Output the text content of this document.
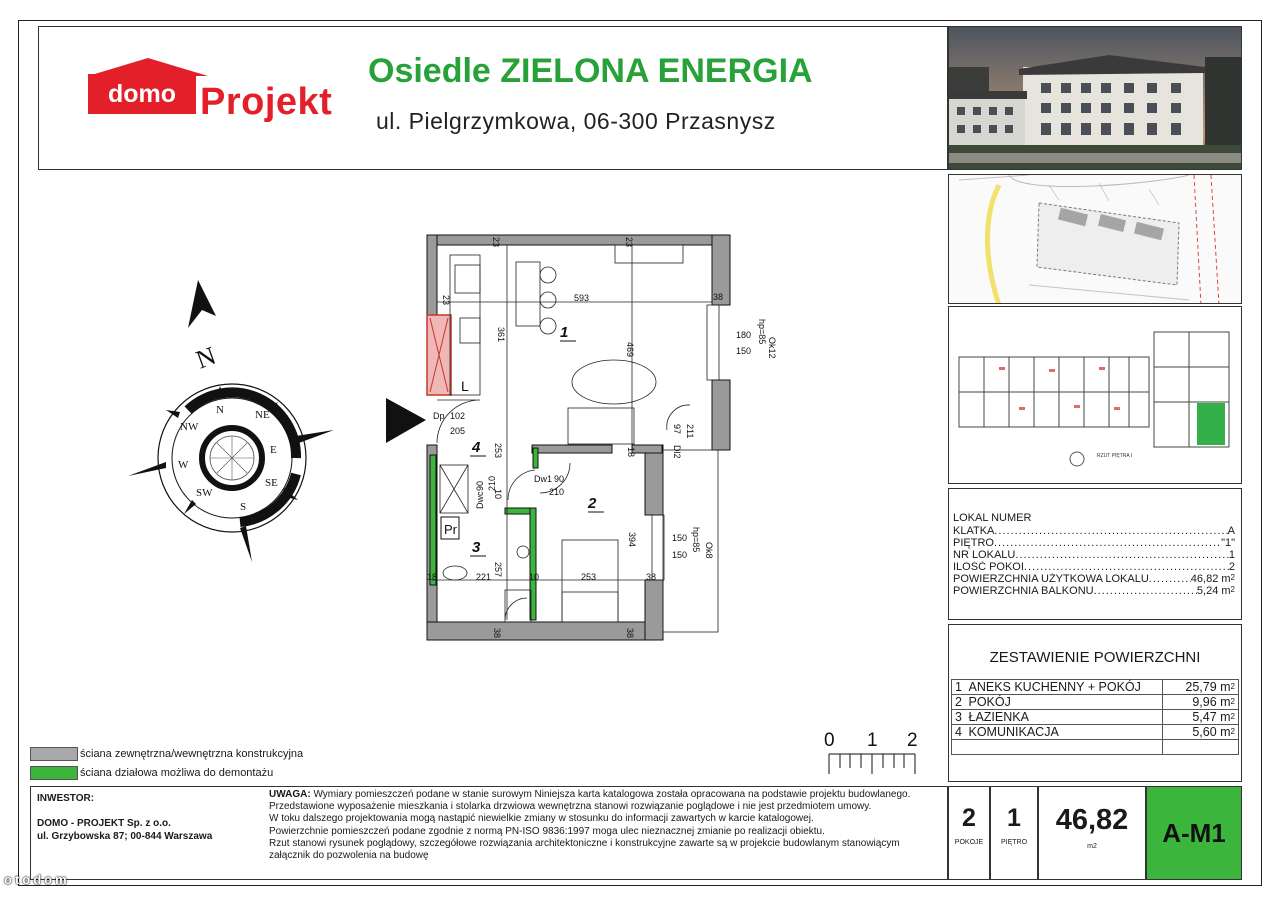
domo Projekt
Osiedle ZIELONA ENERGIA
ul. Pielgrzymkowa, 06-300 Przasnysz
RZUT PIĘTRA I
LOKAL NUMER
KLATKA .....	A
PIĘTRO .....	"1"
NR LOKALU .....	1
ILOŚĆ POKOI .....	2
POWIERZCHNIA UŻYTKOWA LOKALU .....	46,82 $m^2$
POWIERZCHNIA BALKONU .....	5,24 $m^2$
ZESTAWIENIE POWIERZCHNI
1	ANEKS KUCHENNY + POKÓJ	25,79 $m^2$
2	POKÓJ	9,96 $m^2$
3	ŁAZIENKA	5,47 $m^2$
4	KOMUNIKACJA	5,60 $m^2$

N
N	NE
E
SE
S
SW
W
NW
23	23
38
593
361
469
180
150
hp=85
Ok12
Dp 102
205
253
97
Dl2
211
18
Dw1 90
210
Dwc
90 210
394	150
150
hp=85 Ok8
18	221 257	10	253	38
10
38	38
23
1
2
3
4
Pr
L
ściana zewnętrzna/wewnętrzna konstrukcyjna
ściana działowa możliwa do demontażu
0 1 2
INWESTOR:
DOMO - PROJEKT Sp. z o.o.
ul. Grzybowska 87; 00-844 Warszawa
UWAGA: Wymiary pomieszczeń podane w stanie surowym Niniejsza karta katalogowa została opracowana na podstawie projektu budowlanego.
Przedstawione wyposażenie mieszkania i stolarka drzwiowa wewnętrzna stanowi rozwiązanie poglądowe i nie jest przedmiotem umowy.
W toku dalszego projektowania mogą nastąpić niewielkie zmiany w stosunku do informacji zawartych w karcie katalogowej.
Powierzchnie pomieszczeń podane zgodnie z normą PN-ISO 9836:1997 moga ulec nieznacznej zmianie po realizacji obiektu.
Rzut stanowi rysunek poglądowy, szczegółowe rozwiązania architektoniczne i konstrukcyjne zawarte są w projekcie budowlanym stanowiącym
załącznik do pozwolenia na budowę
2
POKOJE
1
PIĘTRO
46,82
m2	A-M1
otodom
